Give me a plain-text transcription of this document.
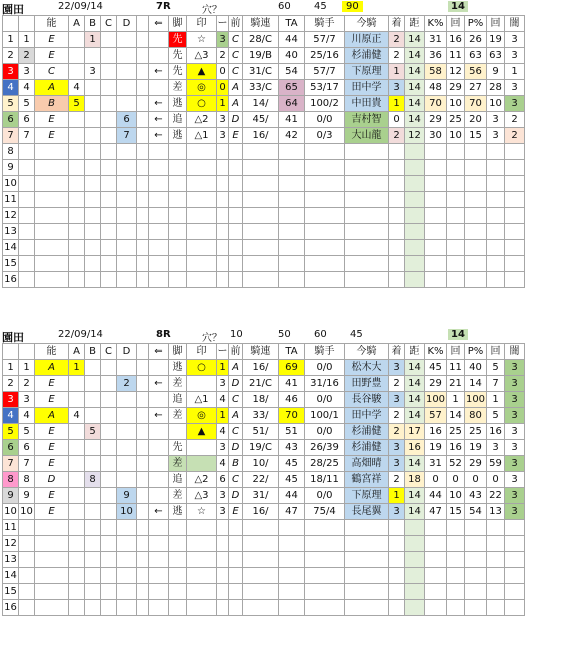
園田	22/09/14	7R	穴？	60 45	90	14
		能	A	B	C	D		⇐	脚	印	ー	前	騎連	TA	騎手	今騎	着	距	K%	回	P%	回	闇
1	1	E		1					先	☆	3	C	28/C	44	57/7	川原正	2	14	31	16	26	19	3
2	2	E							先	△3	2	C	19/B	40	25/16	杉浦健	2	14	36	11	63	63	3
3	3	C		3				←	先	▲	0	C	31/C	54	57/7	下原理	1	14	58	12	56	9	1
4	4	A	4						差	◎	0	A	33/C	65	53/17	田中学	3	14	48	29	27	28	3
5	5	B	5					←	逃	○	1	A	14/	64	100/2	中田貴	1	14	70	10	70	10	3
6	6	E				6		←	追	△2	3	D	45/	41	0/0	吉村智	0	14	29	25	20	3	2
7	7	E				7		←	逃	△1	3	E	16/	42	0/3	大山龍	2	12	30	10	15	3	2
8																							
9																							
10																							
11																							
12																							
13																							
14																							
15																							
16																							
園田	22/09/14	8R	穴？ 10	50 60 45	14
		能	A	B	C	D		⇐	脚	印	ー	前	騎連	TA	騎手	今騎	着	距	K%	回	P%	回	闇
1	1	A	1						逃	○	1	A	16/	69	0/0	松木大	3	14	45	11	40	5	3
2	2	E				2		←	差		3	D	21/C	41	31/16	田野豊	2	14	29	21	14	7	3
3	3	E							追	△1	4	C	18/	46	0/0	長谷駿	3	14	100	1	100	1	3
4	4	A	4					←	差	◎	1	A	33/	70	100/1	田中学	2	14	57	14	80	5	3
5	5	E		5						▲	4	C	51/	51	0/0	杉浦健	2	17	16	25	25	16	3
6	6	E							先		3	D	19/C	43	26/39	杉浦健	3	16	19	16	19	3	3
7	7	E							差		4	B	10/	45	28/25	高畑晴	3	14	31	52	29	59	3
8	8	D		8					追	△2	6	C	22/	45	18/11	鶴宮祥	2	18	0	0	0	0	3
9	9	E				9			差	△3	3	D	31/	44	0/0	下原理	1	14	44	10	43	22	3
10	10	E				10		←	逃	☆	3	E	16/	47	75/4	長尾翼	3	14	47	15	54	13	3
11																							
12																							
13																							
14																							
15																							
16																							
